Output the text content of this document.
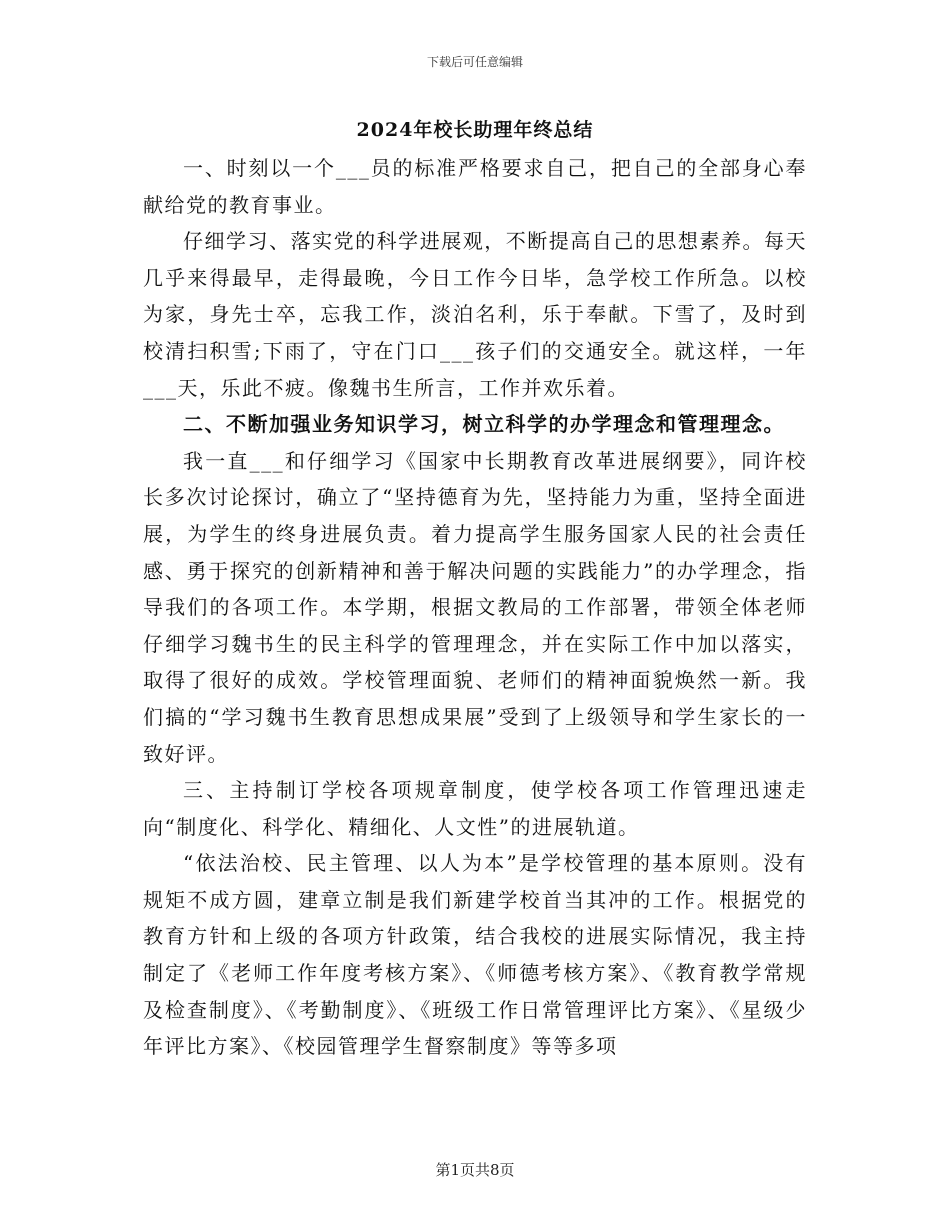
下载后可任意编辑
2024年校长助理年终总结

一、时刻以一个___员的标准严格要求自己，把自己的全部身心奉献给党的教育事业。

仔细学习、落实党的科学进展观，不断提高自己的思想素养。每天几乎来得最早，走得最晚，今日工作今日毕，急学校工作所急。以校为家，身先士卒，忘我工作，淡泊名利，乐于奉献。下雪了，及时到校清扫积雪;下雨了，守在门口___孩子们的交通安全。就这样，一年___天，乐此不疲。像魏书生所言，工作并欢乐着。

二、不断加强业务知识学习，树立科学的办学理念和管理理念。

我一直___和仔细学习《国家中长期教育改革进展纲要》，同许校长多次讨论探讨，确立了“坚持德育为先，坚持能力为重，坚持全面进展，为学生的终身进展负责。着力提高学生服务国家人民的社会责任感、勇于探究的创新精神和善于解决问题的实践能力”的办学理念，指导我们的各项工作。本学期，根据文教局的工作部署，带领全体老师仔细学习魏书生的民主科学的管理理念，并在实际工作中加以落实，取得了很好的成效。学校管理面貌、老师们的精神面貌焕然一新。我们搞的“学习魏书生教育思想成果展”受到了上级领导和学生家长的一致好评。

三、主持制订学校各项规章制度，使学校各项工作管理迅速走向“制度化、科学化、精细化、人文性”的进展轨道。

“依法治校、民主管理、以人为本”是学校管理的基本原则。没有规矩不成方圆，建章立制是我们新建学校首当其冲的工作。根据党的教育方针和上级的各项方针政策，结合我校的进展实际情况，我主持制定了《老师工作年度考核方案》、《师德考核方案》、《教育教学常规及检查制度》、《考勤制度》、《班级工作日常管理评比方案》、《星级少年评比方案》、《校园管理学生督察制度》等等多项

第1页共8页
